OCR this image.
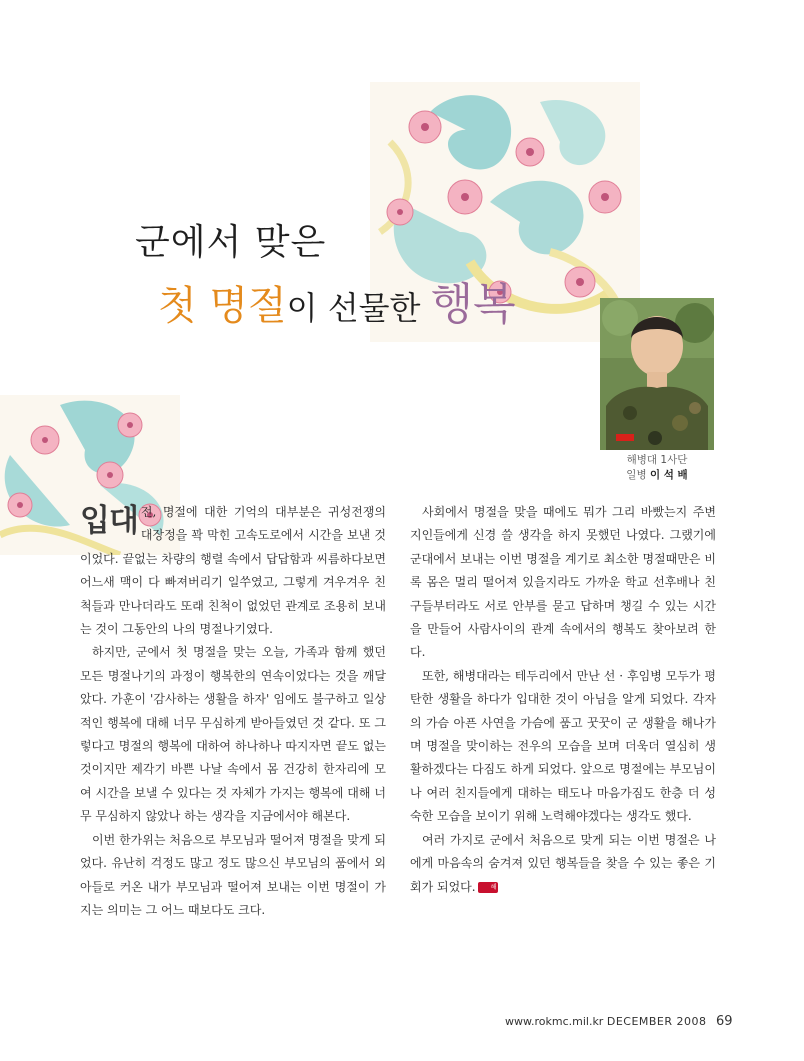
군에서 맞은
첫 명절이 선물한 행복
해병대 1사단
일병 이 석 배

입대 전, 명절에 대한 기억의 대부분은 귀성전쟁의 대장정을 꽉 막힌 고속도로에서 시간을 보낸 것이었다. 끝없는 차량의 행렬 속에서 답답함과 씨름하다보면 어느새 맥이 다 빠져버리기 일쑤였고, 그렇게 겨우겨우 친척들과 만나더라도 또래 친척이 없었던 관계로 조용히 보내는 것이 그동안의 나의 명절나기였다.

하지만, 군에서 첫 명절을 맞는 오늘, 가족과 함께 했던 모든 명절나기의 과정이 행복한의 연속이었다는 것을 깨달았다. 가훈이 '감사하는 생활을 하자' 임에도 불구하고 일상적인 행복에 대해 너무 무심하게 받아들였던 것 같다. 또 그렇다고 명절의 행복에 대하여 하나하나 따지자면 끝도 없는 것이지만 제각기 바쁜 나날 속에서 몸 건강히 한자리에 모여 시간을 보낼 수 있다는 것 자체가 가지는 행복에 대해 너무 무심하지 않았나 하는 생각을 지금에서야 해본다.

이번 한가위는 처음으로 부모님과 떨어져 명절을 맞게 되었다. 유난히 걱정도 많고 정도 많으신 부모님의 품에서 외아들로 커온 내가 부모님과 떨어져 보내는 이번 명절이 가지는 의미는 그 어느 때보다도 크다.

사회에서 명절을 맞을 때에도 뭐가 그리 바빴는지 주변 지인들에게 신경 쓸 생각을 하지 못했던 나였다. 그랬기에 군대에서 보내는 이번 명절을 계기로 최소한 명절때만은 비록 몸은 멀리 떨어져 있을지라도 가까운 학교 선후배나 친구들부터라도 서로 안부를 묻고 답하며 챙길 수 있는 시간을 만들어 사람사이의 관계 속에서의 행복도 찾아보려 한다.

또한, 해병대라는 테두리에서 만난 선 · 후임병 모두가 평탄한 생활을 하다가 입대한 것이 아님을 알게 되었다. 각자의 가슴 아픈 사연을 가슴에 품고 꿋꿋이 군 생활을 해나가며 명절을 맞이하는 전우의 모습을 보며 더욱더 열심히 생활하겠다는 다짐도 하게 되었다. 앞으로 명절에는 부모님이나 여러 친지들에게 대하는 태도나 마음가짐도 한층 더 성숙한 모습을 보이기 위해 노력해야겠다는 생각도 했다.

여러 가지로 군에서 처음으로 맞게 되는 이번 명절은 나에게 마음속의 숨겨져 있던 행복들을 찾을 수 있는 좋은 기회가 되었다.	해병대

www.rokmc.mil.kr DECEMBER 2008 69
